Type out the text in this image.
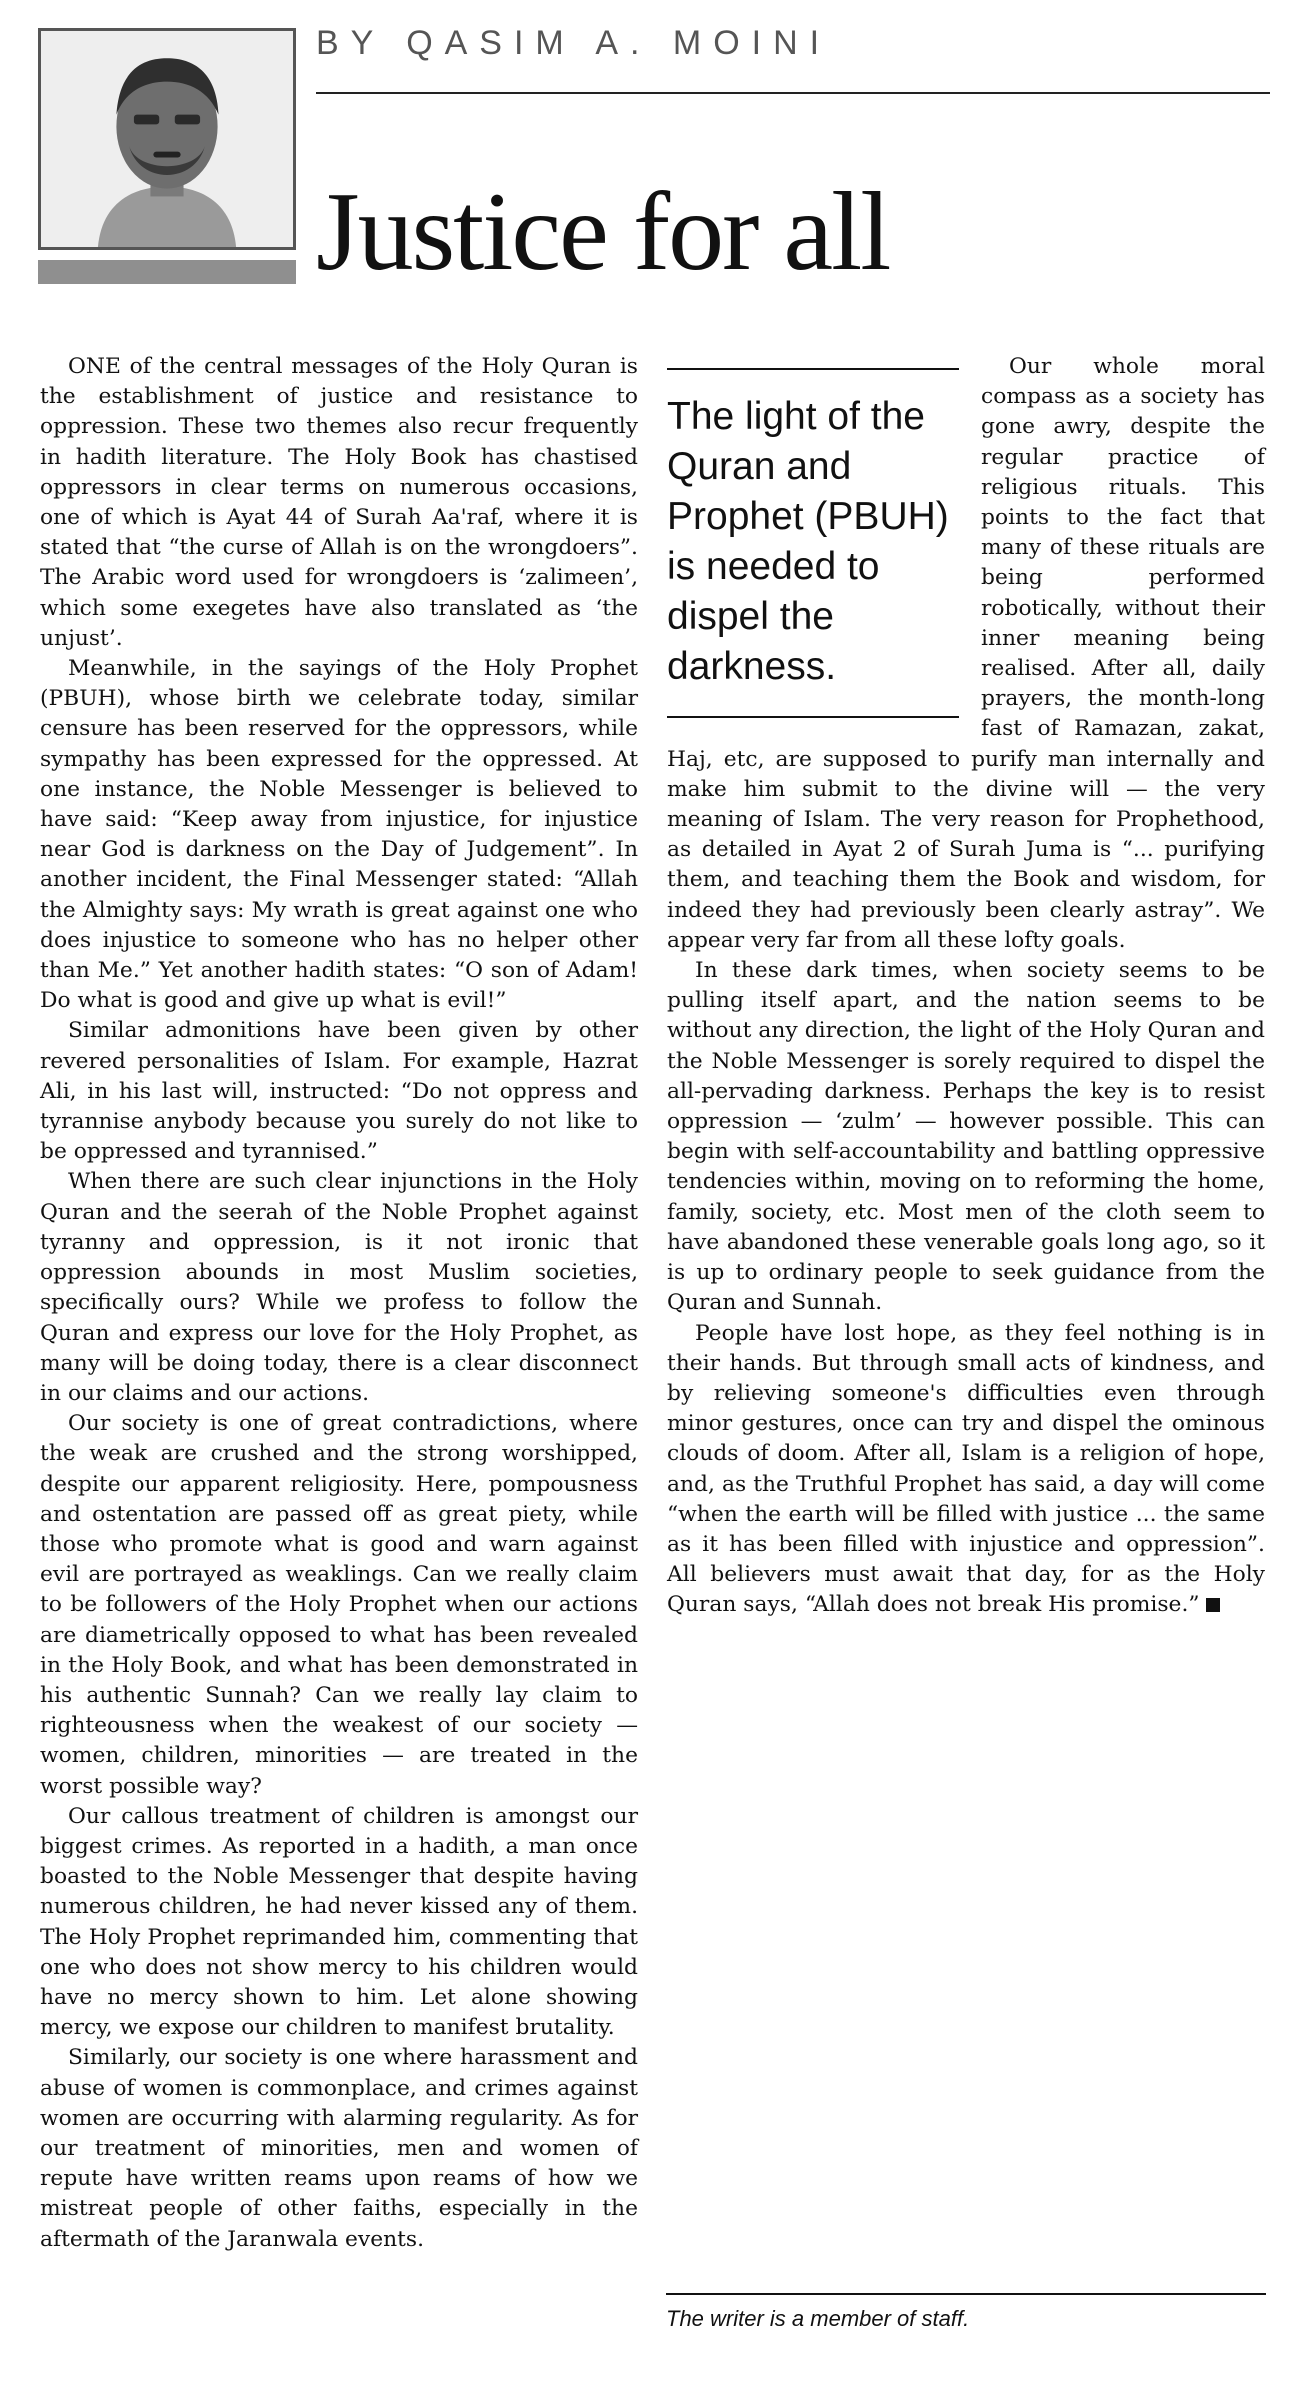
BY QASIM A. MOINI
Justice for all

ONE of the central messages of the Holy Quran is the establishment of justice and resistance to oppression. These two themes also recur frequently in hadith literature. The Holy Book has chastised oppressors in clear terms on numerous occasions, one of which is Ayat 44 of Surah Aa'raf, where it is stated that “the curse of Allah is on the wrongdoers”. The Arabic word used for wrongdoers is ‘zalimeen’, which some exegetes have also translated as ‘the unjust’.

Meanwhile, in the sayings of the Holy Prophet (PBUH), whose birth we celebrate today, similar censure has been reserved for the oppressors, while sympathy has been expressed for the oppressed. At one instance, the Noble Messenger is believed to have said: “Keep away from injustice, for injustice near God is darkness on the Day of Judgement”. In another incident, the Final Messenger stated: “Allah the Almighty says: My wrath is great against one who does injustice to someone who has no helper other than Me.” Yet another hadith states: “O son of Adam! Do what is good and give up what is evil!”

Similar admonitions have been given by other revered personalities of Islam. For example, Hazrat Ali, in his last will, instructed: “Do not oppress and tyrannise anybody because you surely do not like to be oppressed and tyrannised.”

When there are such clear injunctions in the Holy Quran and the seerah of the Noble Prophet against tyranny and oppression, is it not ironic that oppression abounds in most Muslim societies, specifically ours? While we profess to follow the Quran and express our love for the Holy Prophet, as many will be doing today, there is a clear disconnect in our claims and our actions.

Our society is one of great contradictions, where the weak are crushed and the strong worshipped, despite our apparent religiosity. Here, pompousness and ostentation are passed off as great piety, while those who promote what is good and warn against evil are portrayed as weaklings. Can we really claim to be followers of the Holy Prophet when our actions are diametrically opposed to what has been revealed in the Holy Book, and what has been demonstrated in his authentic Sunnah? Can we really lay claim to righteousness when the weakest of our society — women, children, minorities — are treated in the worst possible way?

Our callous treatment of children is amongst our biggest crimes. As reported in a hadith, a man once boasted to the Noble Messenger that despite having numerous children, he had never kissed any of them. The Holy Prophet reprimanded him, commenting that one who does not show mercy to his children would have no mercy shown to him. Let alone showing mercy, we expose our children to manifest brutality.

Similarly, our society is one where harassment and abuse of women is commonplace, and crimes against women are occurring with alarming regularity. As for our treatment of minorities, men and women of repute have written reams upon reams of how we mistreat people of other faiths, especially in the aftermath of the Jaranwala events.

The light of the Quran and Prophet (PBUH) is needed to dispel the darkness.

Our whole moral compass as a society has gone awry, despite the regular practice of religious rituals. This points to the fact that many of these rituals are being performed robotically, without their inner meaning being realised. After all, daily prayers, the month-long fast of Ramazan, zakat, Haj, etc, are supposed to purify man internally and make him submit to the divine will — the very meaning of Islam. The very reason for Prophethood, as detailed in Ayat 2 of Surah Juma is “... purifying them, and teaching them the Book and wisdom, for indeed they had previously been clearly astray”. We appear very far from all these lofty goals.

In these dark times, when society seems to be pulling itself apart, and the nation seems to be without any direction, the light of the Holy Quran and the Noble Messenger is sorely required to dispel the all-pervading darkness. Perhaps the key is to resist oppression — ‘zulm’ — however possible. This can begin with self-accountability and battling oppressive tendencies within, moving on to reforming the home, family, society, etc. Most men of the cloth seem to have abandoned these venerable goals long ago, so it is up to ordinary people to seek guidance from the Quran and Sunnah.

People have lost hope, as they feel nothing is in their hands. But through small acts of kindness, and by relieving someone's difficulties even through minor gestures, once can try and dispel the ominous clouds of doom. After all, Islam is a religion of hope, and, as the Truthful Prophet has said, a day will come “when the earth will be filled with justice ... the same as it has been filled with injustice and oppression”. All believers must await that day, for as the Holy Quran says, “Allah does not break His promise.”

The writer is a member of staff.
